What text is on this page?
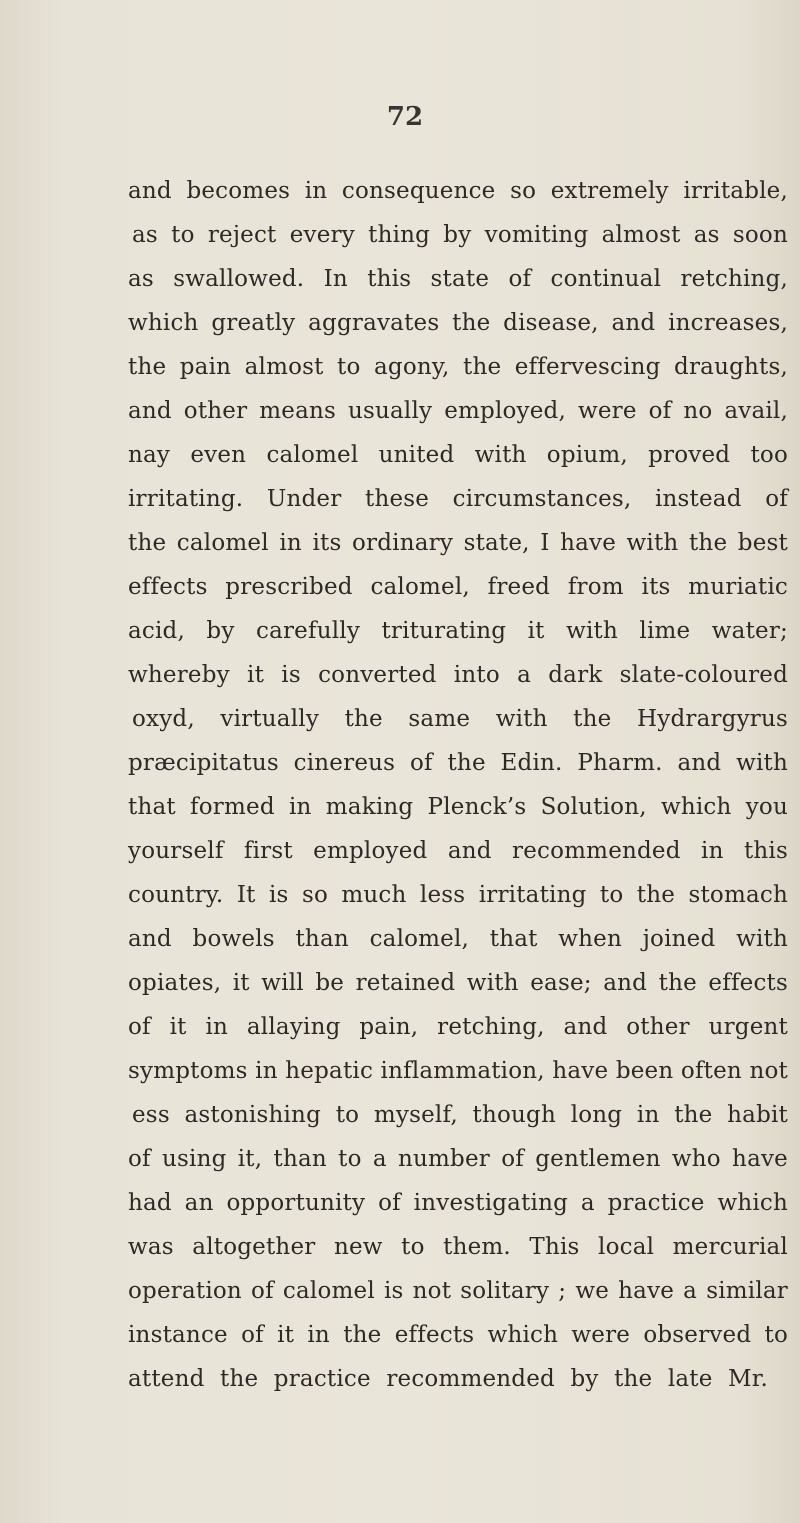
72
and becomes in consequence so extremely irritable,
as to reject every thing by vomiting almost as soon
as swallowed. In this state of continual retching,
which greatly aggravates the disease, and increases,
the pain almost to agony, the effervescing draughts,
and other means usually employed, were of no avail,
nay even calomel united with opium, proved too
irritating. Under these circumstances, instead of
the calomel in its ordinary state, I have with the best
effects prescribed calomel, freed from its muriatic
acid, by carefully triturating it with lime water;
whereby it is converted into a dark slate-coloured
oxyd, virtually the same with the Hydrargyrus
præcipitatus cinereus of the Edin. Pharm. and with
that formed in making Plenck’s Solution, which you
yourself first employed and recommended in this
country. It is so much less irritating to the stomach
and bowels than calomel, that when joined with
opiates, it will be retained with ease; and the effects
of it in allaying pain, retching, and other urgent
symptoms in hepatic inflammation, have been often not
ess astonishing to myself, though long in the habit
of using it, than to a number of gentlemen who have
had an opportunity of investigating a practice which
was altogether new to them. This local mercurial
operation of calomel is not solitary ; we have a similar
instance of it in the effects which were observed to
attend the practice recommended by the late Mr.
